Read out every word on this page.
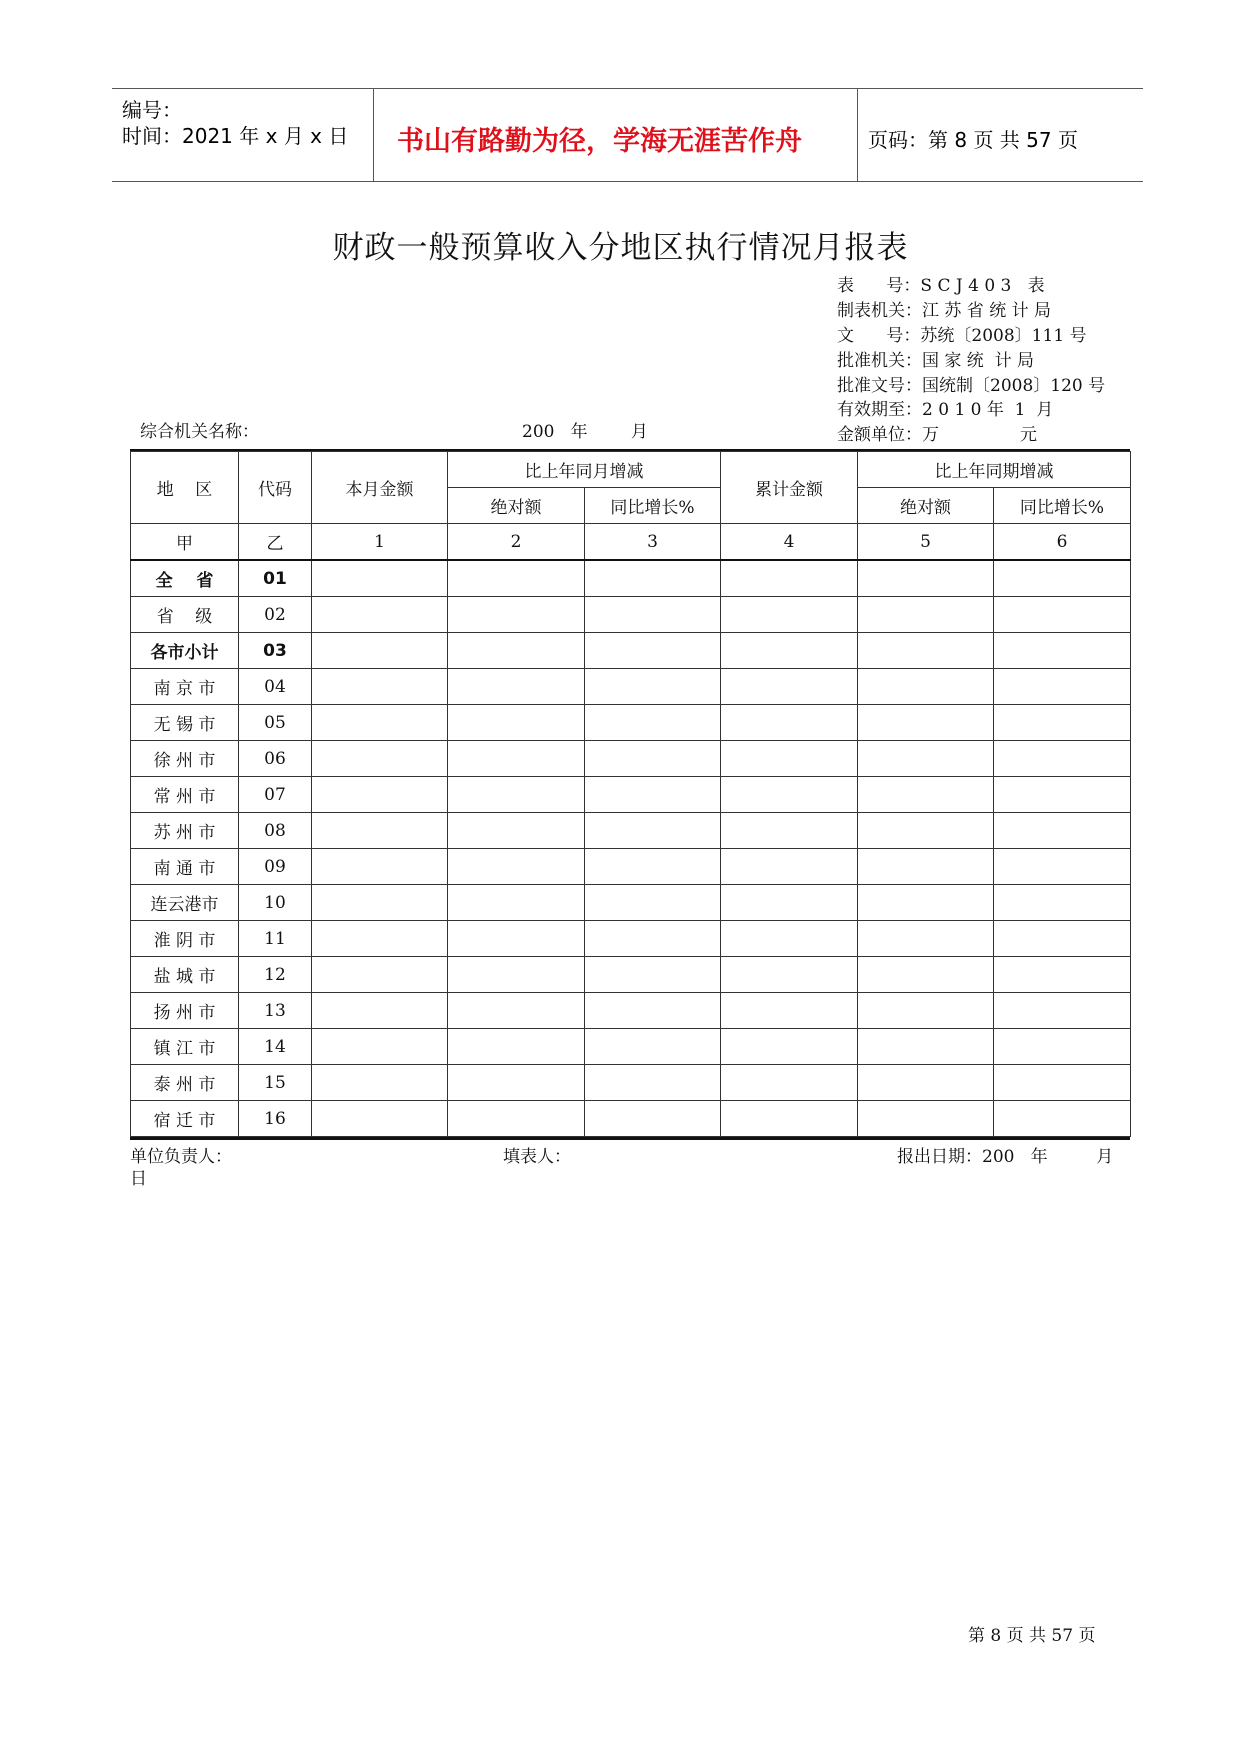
编号：
时间：2021 年 x 月 x 日 书山有路勤为径，学海无涯苦作舟	页码：第 8 页 共 57 页
财政一般预算收入分地区执行情况月报表
表      号：S C J 4 0 3   表
制表机关：江 苏 省 统 计 局
文      号：苏统〔2008〕111 号
批准机关：国 家 统  计 局
批准文号：国统制〔2008〕120 号
有效期至：2 0 1 0 年  1  月
金额单位：万               元
综合机关名称：	200   年        月
地    区	代码	本月金额	比上年同月增减		累计金额	比上年同期增减	
			绝对额	同比增长%		绝对额	同比增长%
甲	乙	1	2	3	4	5	6
全    省	01						
省    级	02						
各市小计	03						
南 京 市	04						
无 锡 市	05						
徐 州 市	06						
常 州 市	07						
苏 州 市	08						
南 通 市	09						
连云港市	10						
淮 阴 市	11						
盐 城 市	12						
扬 州 市	13						
镇 江 市	14						
泰 州 市	15						
宿 迁 市	16						
单位负责人：	填表人：	报出日期：200   年         月
日
第 8 页 共 57 页
